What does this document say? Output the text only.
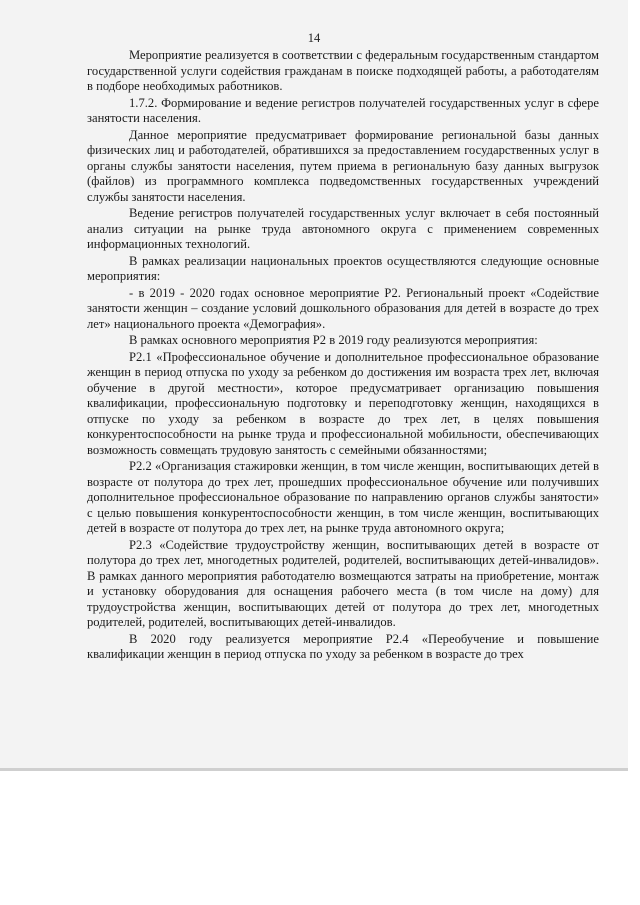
14

Мероприятие реализуется в соответствии с федеральным государственным стандартом государственной услуги содействия гражданам в поиске подходящей работы, а работодателям в подборе необходимых работников.

1.7.2. Формирование и ведение регистров получателей государственных услуг в сфере занятости населения.

Данное мероприятие предусматривает формирование региональной базы данных физических лиц и работодателей, обратившихся за предоставлением государственных услуг в органы службы занятости населения, путем приема в региональную базу данных выгрузок (файлов) из программного комплекса подведомственных государственных учреждений службы занятости населения.

Ведение регистров получателей государственных услуг включает в себя постоянный анализ ситуации на рынке труда автономного округа с применением современных информационных технологий.

В рамках реализации национальных проектов осуществляются следующие основные мероприятия:

- в 2019 - 2020 годах основное мероприятие Р2. Региональный проект «Содействие занятости женщин – создание условий дошкольного образования для детей в возрасте до трех лет» национального проекта «Демография».

В рамках основного мероприятия Р2 в 2019 году реализуются мероприятия:

Р2.1 «Профессиональное обучение и дополнительное профессиональное образование женщин в период отпуска по уходу за ребенком до достижения им возраста трех лет, включая обучение в другой местности», которое предусматривает организацию повышения квалификации, профессиональную подготовку и переподготовку женщин, находящихся в отпуске по уходу за ребенком в возрасте до трех лет, в целях повышения конкурентоспособности на рынке труда и профессиональной мобильности, обеспечивающих возможность совмещать трудовую занятость с семейными обязанностями;

Р2.2 «Организация стажировки женщин, в том числе женщин, воспитывающих детей в возрасте от полутора до трех лет, прошедших профессиональное обучение или получивших дополнительное профессиональное образование по направлению органов службы занятости» с целью повышения конкурентоспособности женщин, в том числе женщин, воспитывающих детей в возрасте от полутора до трех лет, на рынке труда автономного округа;

Р2.3 «Содействие трудоустройству женщин, воспитывающих детей в возрасте от полутора до трех лет, многодетных родителей, родителей, воспитывающих детей-инвалидов». В рамках данного мероприятия работодателю возмещаются затраты на приобретение, монтаж и установку оборудования для оснащения рабочего места (в том числе на дому) для трудоустройства женщин, воспитывающих детей от полутора до трех лет, многодетных родителей, родителей, воспитывающих детей-инвалидов.

В 2020 году реализуется мероприятие Р2.4 «Переобучение и повышение квалификации женщин в период отпуска по уходу за ребенком в возрасте до трех
